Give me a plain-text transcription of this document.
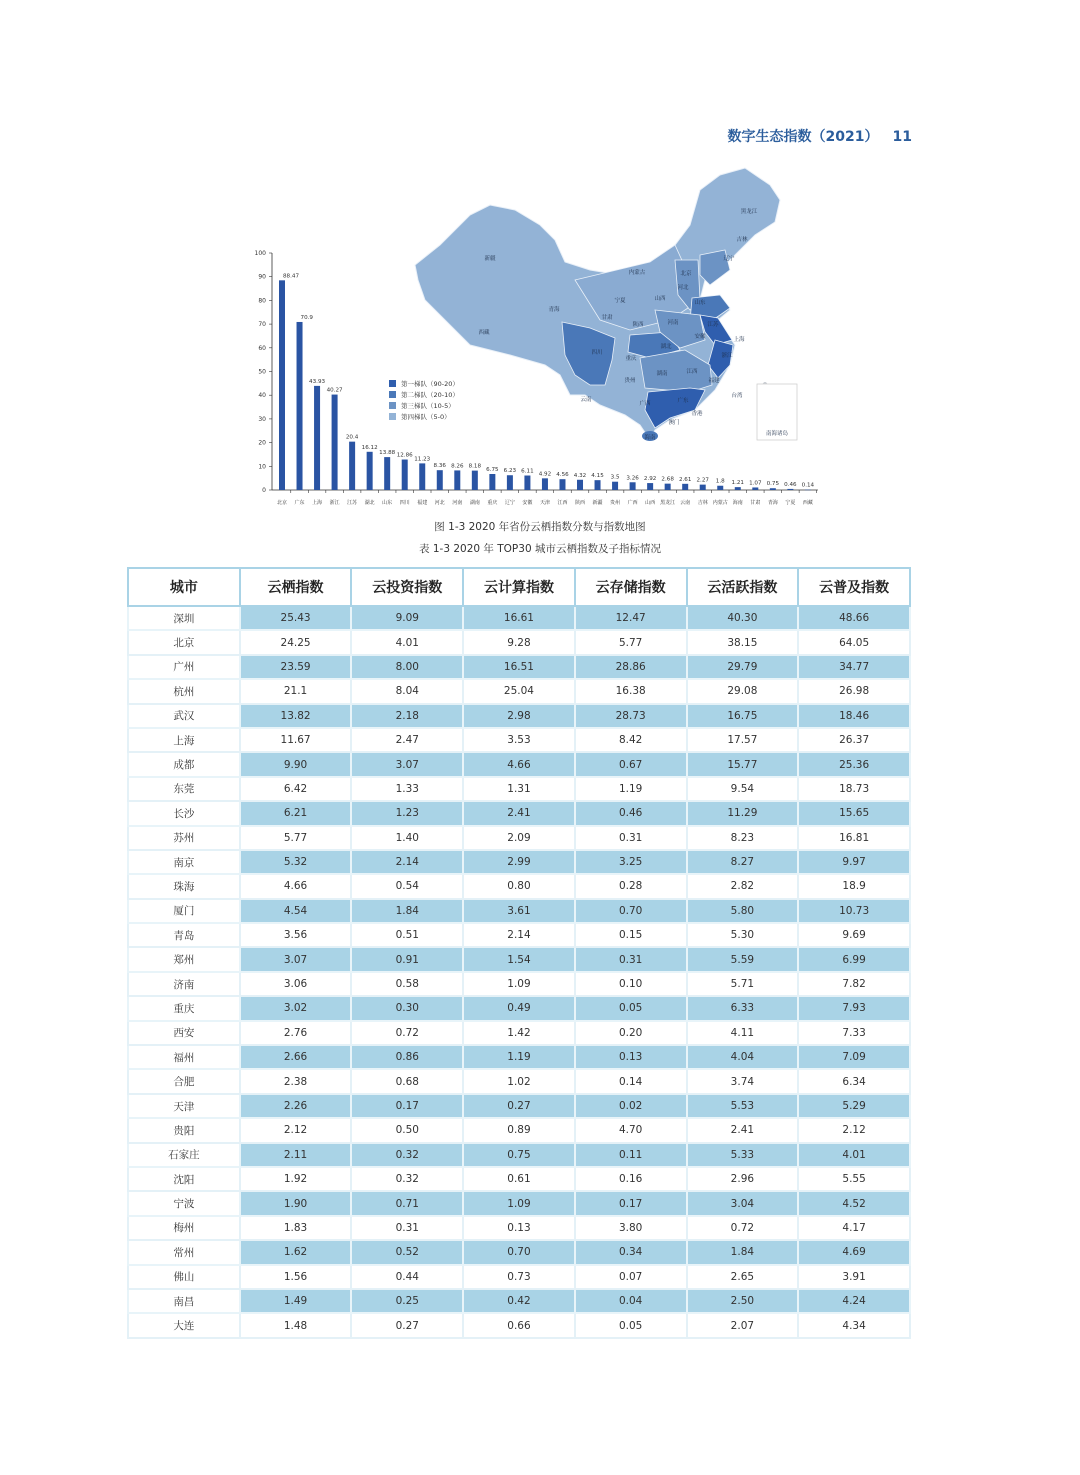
数字生态指数（2021） 11
0
10
20
30
40
50
60
70
80
90
100
88.47
北京
70.9
广东
43.93
上海
40.27
浙江
20.4
江苏
16.12
湖北
13.88
山东
12.86
四川
11.23
福建
8.36
河北
8.26
河南
8.18
湖南
6.75
重庆
6.23
辽宁
6.11
安徽
4.92
天津
4.56
江西
4.32
陕西
4.15
新疆
3.5
贵州
3.26
广西
2.92
山西
2.68
黑龙江
2.61
云南
2.27
吉林
1.8
内蒙古
1.21
海南
1.07
甘肃
0.75
青海
0.46
宁夏
0.14
西藏
新疆
西藏
青海
甘肃
宁夏
内蒙古
黑龙江
吉林
辽宁
北京
河北
山西
山东
陕西	河南	江苏
安徽	上海
湖北
四川
重庆	浙江
湖南	江西
福建
贵州
云南
广西	广东
香港
澳门
海南
台湾
南海诸岛
第一梯队（90-20）
第二梯队（20-10）
第三梯队（10-5）
第四梯队（5-0）
图 1-3 2020 年省份云栖指数分数与指数地图
表 1-3 2020 年 TOP30 城市云栖指数及子指标情况
城市	云栖指数	云投资指数	云计算指数	云存储指数	云活跃指数	云普及指数
深圳	25.43	9.09	16.61	12.47	40.30	48.66
北京	24.25	4.01	9.28	5.77	38.15	64.05
广州	23.59	8.00	16.51	28.86	29.79	34.77
杭州	21.1	8.04	25.04	16.38	29.08	26.98
武汉	13.82	2.18	2.98	28.73	16.75	18.46
上海	11.67	2.47	3.53	8.42	17.57	26.37
成都	9.90	3.07	4.66	0.67	15.77	25.36
东莞	6.42	1.33	1.31	1.19	9.54	18.73
长沙	6.21	1.23	2.41	0.46	11.29	15.65
苏州	5.77	1.40	2.09	0.31	8.23	16.81
南京	5.32	2.14	2.99	3.25	8.27	9.97
珠海	4.66	0.54	0.80	0.28	2.82	18.9
厦门	4.54	1.84	3.61	0.70	5.80	10.73
青岛	3.56	0.51	2.14	0.15	5.30	9.69
郑州	3.07	0.91	1.54	0.31	5.59	6.99
济南	3.06	0.58	1.09	0.10	5.71	7.82
重庆	3.02	0.30	0.49	0.05	6.33	7.93
西安	2.76	0.72	1.42	0.20	4.11	7.33
福州	2.66	0.86	1.19	0.13	4.04	7.09
合肥	2.38	0.68	1.02	0.14	3.74	6.34
天津	2.26	0.17	0.27	0.02	5.53	5.29
贵阳	2.12	0.50	0.89	4.70	2.41	2.12
石家庄	2.11	0.32	0.75	0.11	5.33	4.01
沈阳	1.92	0.32	0.61	0.16	2.96	5.55
宁波	1.90	0.71	1.09	0.17	3.04	4.52
梅州	1.83	0.31	0.13	3.80	0.72	4.17
常州	1.62	0.52	0.70	0.34	1.84	4.69
佛山	1.56	0.44	0.73	0.07	2.65	3.91
南昌	1.49	0.25	0.42	0.04	2.50	4.24
大连	1.48	0.27	0.66	0.05	2.07	4.34
